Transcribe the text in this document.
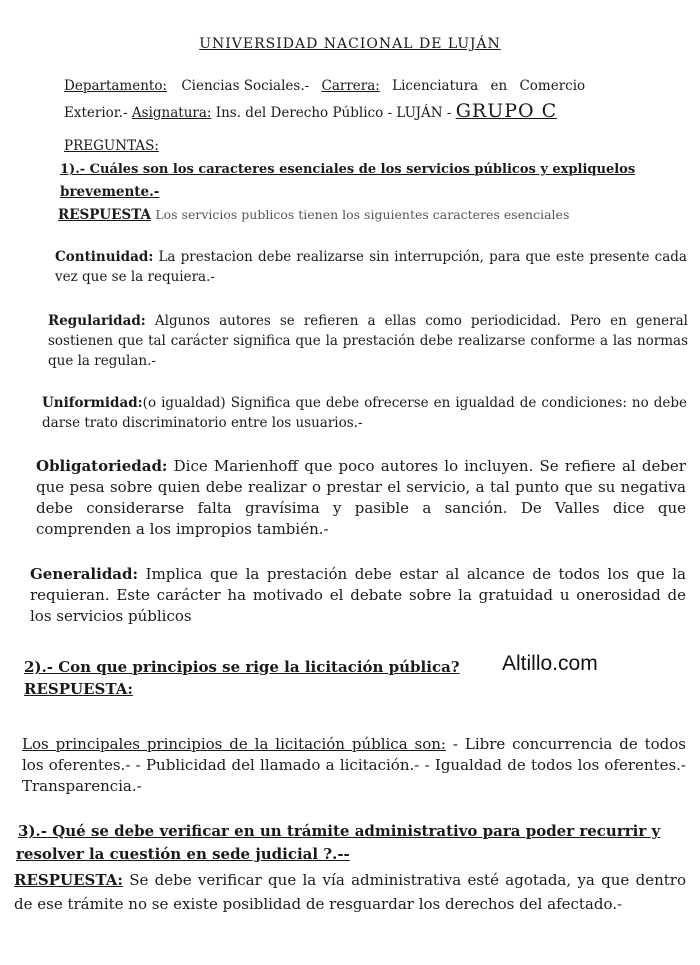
UNIVERSIDAD NACIONAL DE LUJÁN
Departamento: Ciencias Sociales.- Carrera: Licenciatura en Comercio
Exterior.- Asignatura: Ins. del Derecho Público - LUJÁN - GRUPO C
PREGUNTAS:
1).- Cuáles son los caracteres esenciales de los servicios públicos y expliquelos
brevemente.-
RESPUESTA Los servicios publicos tienen los siguientes caracteres esenciales
Continuidad: La prestacion debe realizarse sin interrupción, para que este presente cada vez que se la requiera.-
Regularidad: Algunos autores se refieren a ellas como periodicidad. Pero en general sostienen que tal carácter significa que la prestación debe realizarse conforme a las normas que la regulan.-
Uniformidad:(o igualdad) Significa que debe ofrecerse en igualdad de condiciones: no debe darse trato discriminatorio entre los usuarios.-
Obligatoriedad: Dice Marienhoff que poco autores lo incluyen. Se refiere al deber que pesa sobre quien debe realizar o prestar el servicio, a tal punto que su negativa debe considerarse falta gravísima y pasible a sanción. De Valles dice que comprenden a los impropios también.-
Generalidad: Implica que la prestación debe estar al alcance de todos los que la requieran. Este carácter ha motivado el debate sobre la gratuidad u onerosidad de los servicios públicos
2).- Con que principios se rige la licitación pública?
RESPUESTA:
Altillo.com
Los principales principios de la licitación pública son: - Libre concurrencia de todos los oferentes.- - Publicidad del llamado a licitación.- - Igualdad de todos los oferentes.- Transparencia.-
3).- Qué se debe verificar en un trámite administrativo para poder recurrir y
resolver la cuestión en sede judicial ?.--
RESPUESTA: Se debe verificar que la vía administrativa esté agotada, ya que dentro de ese trámite no se existe posiblidad de resguardar los derechos del afectado.-
